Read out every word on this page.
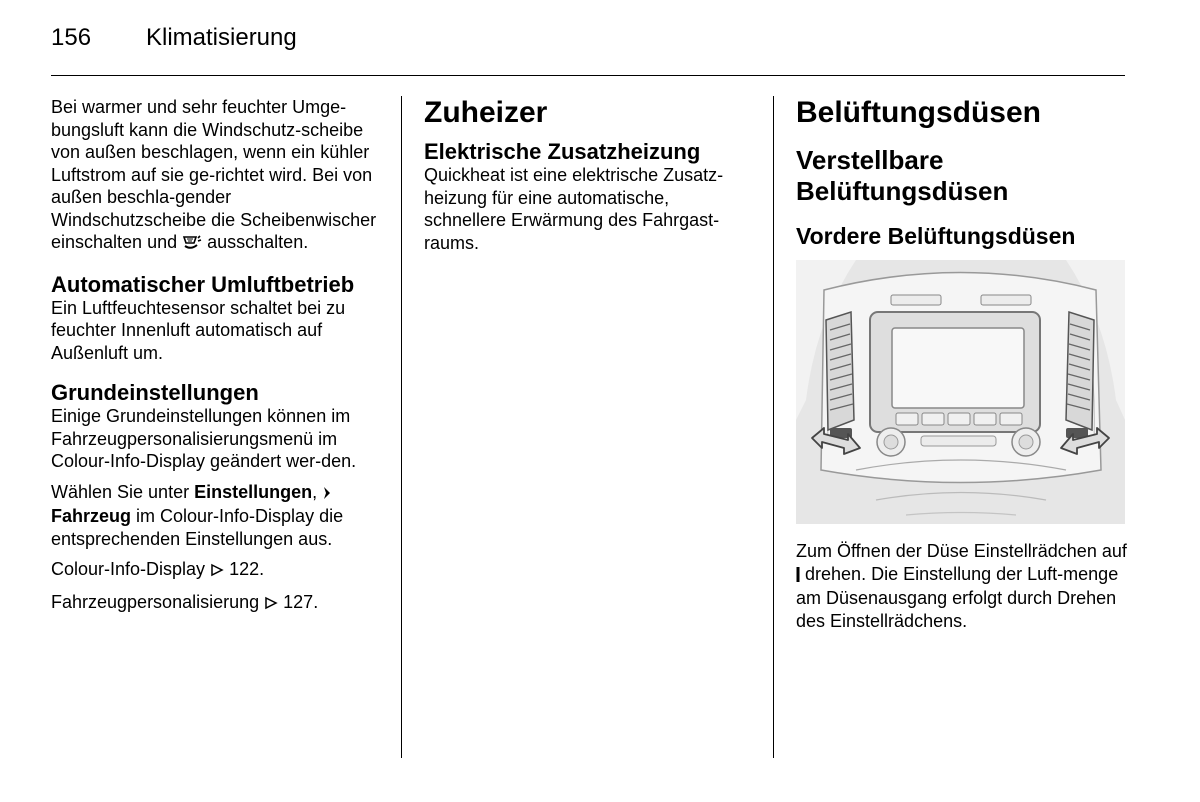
156 Klimatisierung

Bei warmer und sehr feuchter Umge-bungsluft kann die Windschutz-scheibe von außen beschlagen, wenn ein kühler Luftstrom auf sie ge-richtet wird. Bei von außen beschla-gender Windschutzscheibe die Scheibenwischer einschalten und ausschalten.

Automatischer Umluftbetrieb

Ein Luftfeuchtesensor schaltet bei zu feuchter Innenluft automatisch auf Außenluft um.

Grundeinstellungen

Einige Grundeinstellungen können im Fahrzeugpersonalisierungsmenü im Colour-Info-Display geändert wer-den.

Wählen Sie unter Einstellungen,  Fahrzeug im Colour-Info-Display die entsprechenden Einstellungen aus.

Colour-Info-Display 122.

Fahrzeugpersonalisierung 127.

Zuheizer
Elektrische Zusatzheizung

Quickheat ist eine elektrische Zusatz-heizung für eine automatische, schnellere Erwärmung des Fahrgast-raums.

Belüftungsdüsen
Verstellbare
Belüftungsdüsen
Vordere Belüftungsdüsen

Zum Öffnen der Düse Einstellrädchen auf  drehen. Die Einstellung der Luft-menge am Düsenausgang erfolgt durch Drehen des Einstellrädchens.
